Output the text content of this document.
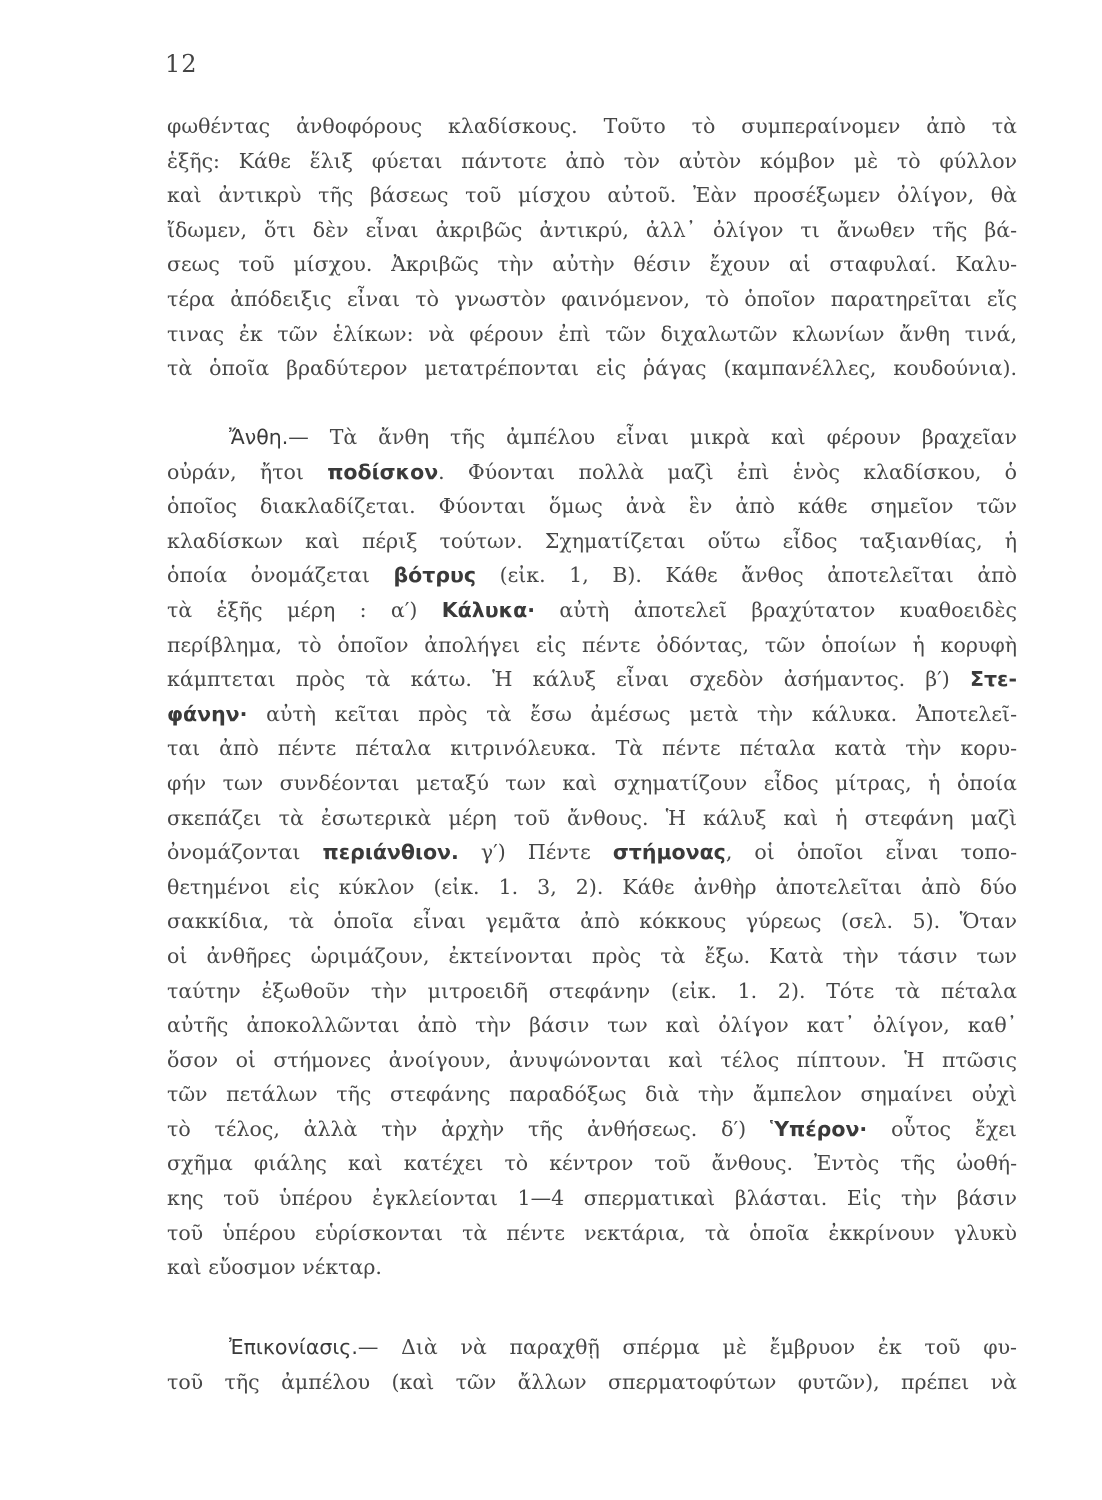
12
φωθέντας ἀνθοφόρους κλαδίσκους. Τοῦτο τὸ συμπεραίνομεν ἀπὸ τὰ
ἑξῆς: Κάθε ἕλιξ φύεται πάντοτε ἀπὸ τὸν αὐτὸν κόμβον μὲ τὸ φύλλον
καὶ ἀντικρὺ τῆς βάσεως τοῦ μίσχου αὐτοῦ. Ἐὰν προσέξωμεν ὀλίγον, θὰ
ἴδωμεν, ὅτι δὲν εἶναι ἀκριβῶς ἀντικρύ, ἀλλ᾽ ὀλίγον τι ἄνωθεν τῆς βά-
σεως τοῦ μίσχου. Ἀκριβῶς τὴν αὐτὴν θέσιν ἔχουν αἱ σταφυλαί. Καλυ-
τέρα ἀπόδειξις εἶναι τὸ γνωστὸν φαινόμενον, τὸ ὁποῖον παρατηρεῖται εἴς
τινας ἐκ τῶν ἑλίκων: νὰ φέρουν ἐπὶ τῶν διχαλωτῶν κλωνίων ἄνθη τινά,
τὰ ὁποῖα βραδύτερον μετατρέπονται εἰς ῥάγας (καμπανέλλες, κουδούνια).
Ἄνθη.— Τὰ ἄνθη τῆς ἀμπέλου εἶναι μικρὰ καὶ φέρουν βραχεῖαν
οὐράν, ἤτοι ποδίσκον. Φύονται πολλὰ μαζὶ ἐπὶ ἑνὸς κλαδίσκου, ὁ
ὁποῖος διακλαδίζεται. Φύονται ὅμως ἀνὰ ἓν ἀπὸ κάθε σημεῖον τῶν
κλαδίσκων καὶ πέριξ τούτων. Σχηματίζεται οὕτω εἶδος ταξιανθίας, ἡ
ὁποία ὀνομάζεται βότρυς (εἰκ. 1, Β). Κάθε ἄνθος ἀποτελεῖται ἀπὸ
τὰ ἑξῆς μέρη : α′) Κάλυκα· αὐτὴ ἀποτελεῖ βραχύτατον κυαθοειδὲς
περίβλημα, τὸ ὁποῖον ἀπολήγει εἰς πέντε ὀδόντας, τῶν ὁποίων ἡ κορυφὴ
κάμπτεται πρὸς τὰ κάτω. Ἡ κάλυξ εἶναι σχεδὸν ἀσήμαντος. β′) Στε-
φάνην· αὐτὴ κεῖται πρὸς τὰ ἔσω ἀμέσως μετὰ τὴν κάλυκα. Ἀποτελεῖ-
ται ἀπὸ πέντε πέταλα κιτρινόλευκα. Τὰ πέντε πέταλα κατὰ τὴν κορυ-
φήν των συνδέονται μεταξύ των καὶ σχηματίζουν εἶδος μίτρας, ἡ ὁποία
σκεπάζει τὰ ἐσωτερικὰ μέρη τοῦ ἄνθους. Ἡ κάλυξ καὶ ἡ στεφάνη μαζὶ
ὀνομάζονται περιάνθιον. γ′) Πέντε στήμονας, οἱ ὁποῖοι εἶναι τοπο-
θετημένοι εἰς κύκλον (εἰκ. 1. 3, 2). Κάθε ἀνθὴρ ἀποτελεῖται ἀπὸ δύο
σακκίδια, τὰ ὁποῖα εἶναι γεμᾶτα ἀπὸ κόκκους γύρεως (σελ. 5). Ὅταν
οἱ ἀνθῆρες ὡριμάζουν, ἐκτείνονται πρὸς τὰ ἔξω. Κατὰ τὴν τάσιν των
ταύτην ἐξωθοῦν τὴν μιτροειδῆ στεφάνην (εἰκ. 1. 2). Τότε τὰ πέταλα
αὐτῆς ἀποκολλῶνται ἀπὸ τὴν βάσιν των καὶ ὀλίγον κατ᾽ ὀλίγον, καθ᾽
ὅσον οἱ στήμονες ἀνοίγουν, ἀνυψώνονται καὶ τέλος πίπτουν. Ἡ πτῶσις
τῶν πετάλων τῆς στεφάνης παραδόξως διὰ τὴν ἄμπελον σημαίνει οὐχὶ
τὸ τέλος, ἀλλὰ τὴν ἀρχὴν τῆς ἀνθήσεως. δ′) Ὑπέρον· οὗτος ἔχει
σχῆμα φιάλης καὶ κατέχει τὸ κέντρον τοῦ ἄνθους. Ἐντὸς τῆς ὠοθή-
κης τοῦ ὑπέρου ἐγκλείονται 1—4 σπερματικαὶ βλάσται. Εἰς τὴν βάσιν
τοῦ ὑπέρου εὑρίσκονται τὰ πέντε νεκτάρια, τὰ ὁποῖα ἐκκρίνουν γλυκὺ
καὶ εὔοσμον νέκταρ.
Ἐπικονίασις.— Διὰ νὰ παραχθῇ σπέρμα μὲ ἔμβρυον ἐκ τοῦ φυ-
τοῦ τῆς ἀμπέλου (καὶ τῶν ἄλλων σπερματοφύτων φυτῶν), πρέπει νὰ
